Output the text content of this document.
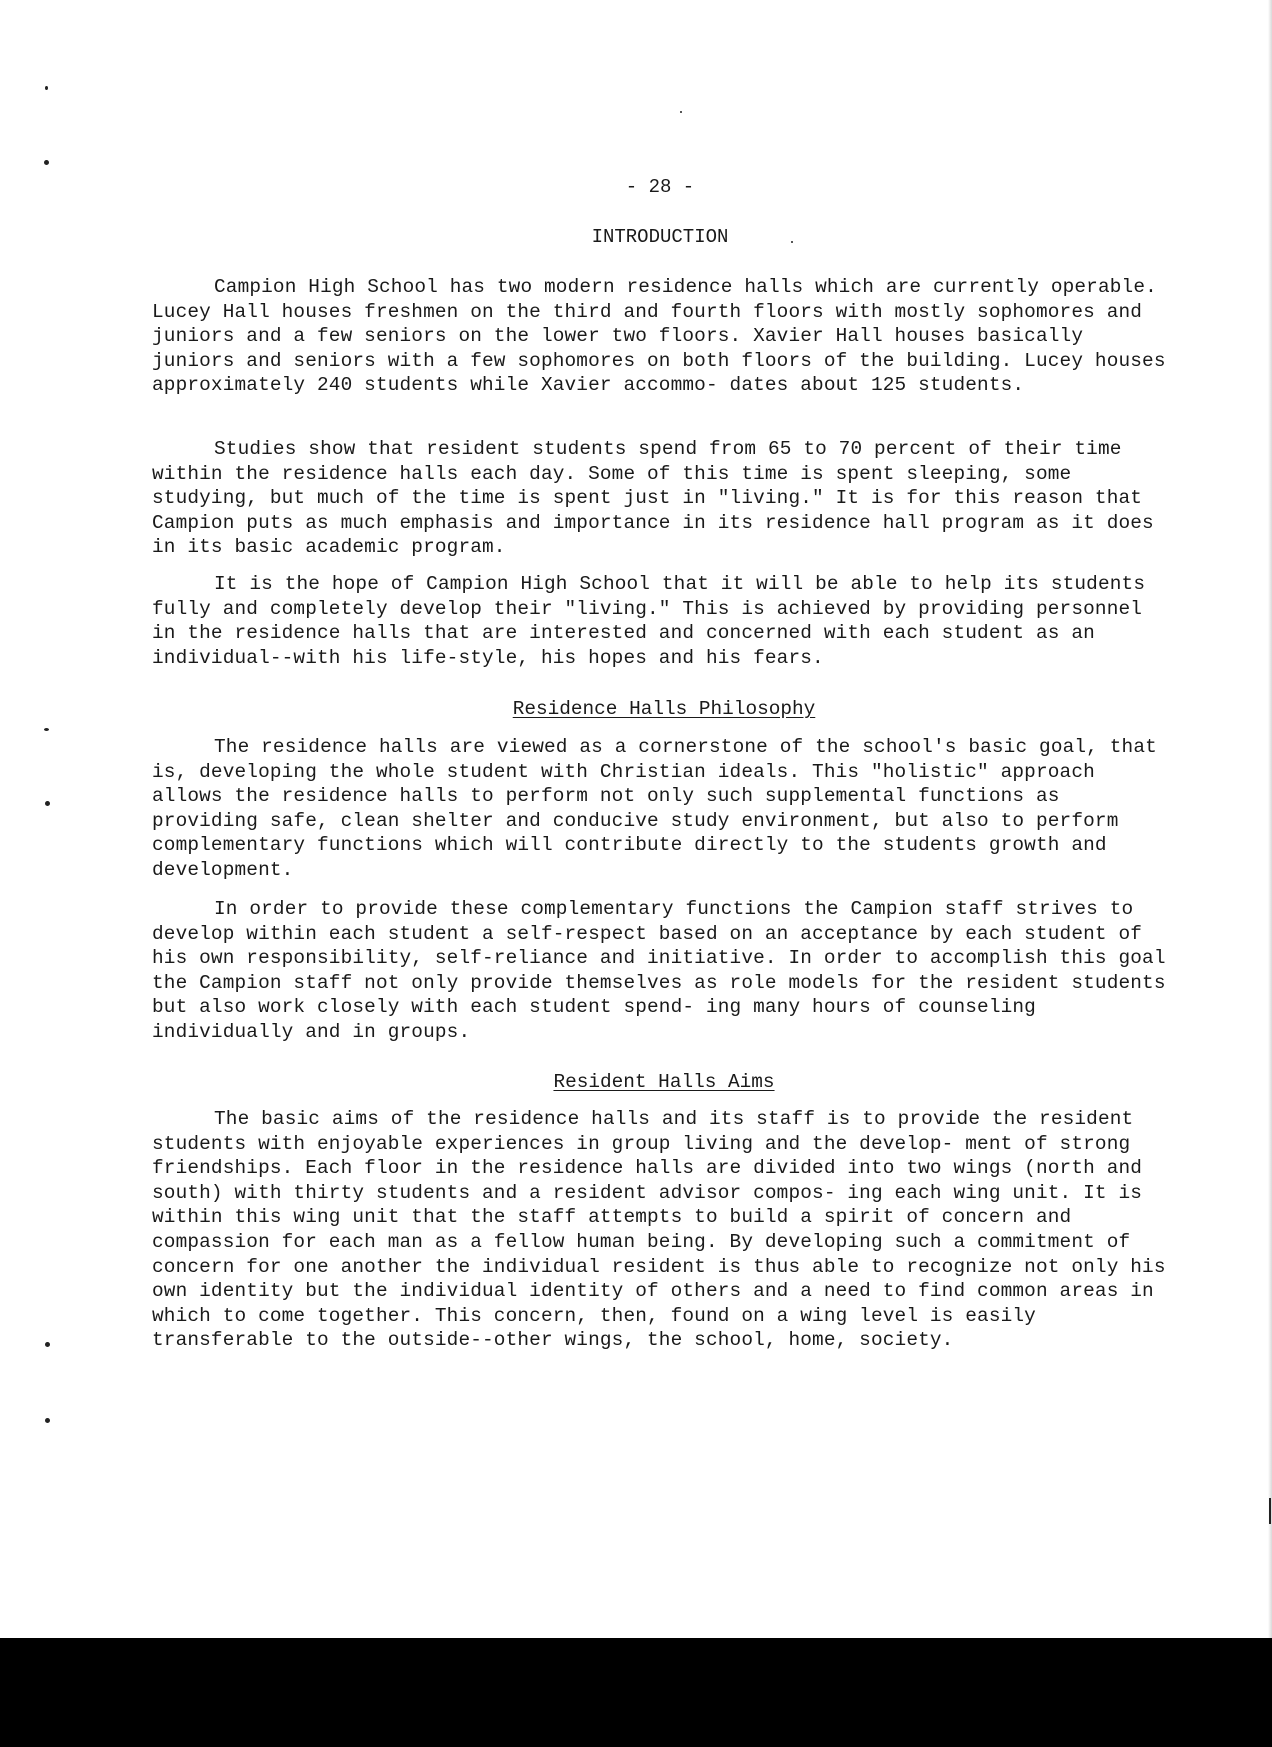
- 28 -
INTRODUCTION

Campion High School has two modern residence halls which are currently operable. Lucey Hall houses freshmen on the third and fourth floors with mostly sophomores and juniors and a few seniors on the lower two floors. Xavier Hall houses basically juniors and seniors with a few sophomores on both floors of the building. Lucey houses approximately 240 students while Xavier accommo- dates about 125 students.

Studies show that resident students spend from 65 to 70 percent of their time within the residence halls each day. Some of this time is spent sleeping, some studying, but much of the time is spent just in "living." It is for this reason that Campion puts as much emphasis and importance in its residence hall program as it does in its basic academic program.

It is the hope of Campion High School that it will be able to help its students fully and completely develop their "living." This is achieved by providing personnel in the residence halls that are interested and concerned with each student as an individual--with his life-style, his hopes and his fears.

Residence Halls Philosophy

The residence halls are viewed as a cornerstone of the school's basic goal, that is, developing the whole student with Christian ideals. This "holistic" approach allows the residence halls to perform not only such supplemental functions as providing safe, clean shelter and conducive study environment, but also to perform complementary functions which will contribute directly to the students growth and development.

In order to provide these complementary functions the Campion staff strives to develop within each student a self-respect based on an acceptance by each student of his own responsibility, self-reliance and initiative. In order to accomplish this goal the Campion staff not only provide themselves as role models for the resident students but also work closely with each student spend- ing many hours of counseling individually and in groups.

Resident Halls Aims

The basic aims of the residence halls and its staff is to provide the resident students with enjoyable experiences in group living and the develop- ment of strong friendships. Each floor in the residence halls are divided into two wings (north and south) with thirty students and a resident advisor compos- ing each wing unit. It is within this wing unit that the staff attempts to build a spirit of concern and compassion for each man as a fellow human being. By developing such a commitment of concern for one another the individual resident is thus able to recognize not only his own identity but the individual identity of others and a need to find common areas in which to come together. This concern, then, found on a wing level is easily transferable to the outside--other wings, the school, home, society.
